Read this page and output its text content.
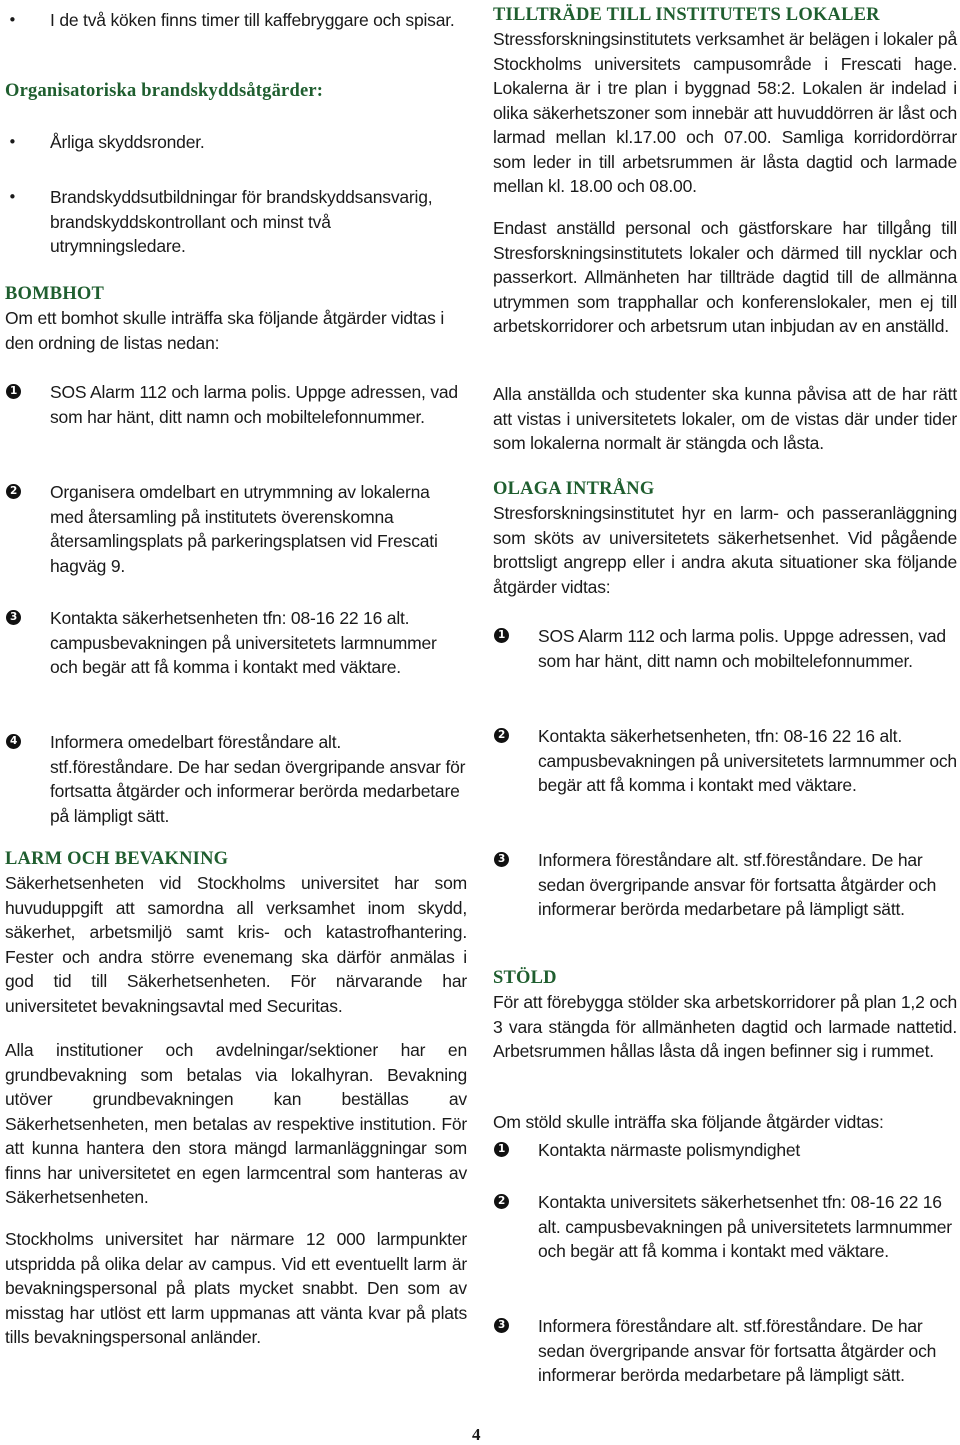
• I de två köken finns timer till kaffebryggare och spisar.

Organisatoriska brandskyddsåtgärder:

• Årliga skyddsronder.
• Brandskyddsutbildningar för brandskyddsansvarig, brandskyddskontrollant och minst två utrymningsledare.

BOMBHOT

Om ett bomhot skulle inträffa ska följande åtgärder vidtas i den ordning de listas nedan:

1 SOS Alarm 112 och larma polis. Uppge adressen, vad som har hänt, ditt namn och mobiltelefonnummer.
2 Organisera omdelbart en utrymmning av lokalerna med återsamling på institutets överenskomna återsamlingsplats på parkeringsplatsen vid Frescati hagväg 9.
3 Kontakta säkerhetsenheten tfn: 08-16 22 16 alt. campusbevakningen på universitetets larmnummer och begär att få komma i kontakt med väktare.
4 Informera omedelbart föreståndare alt. stf.föreståndare. De har sedan övergripande ansvar för fortsatta åtgärder och informerar berörda medarbetare på lämpligt sätt.

LARM OCH BEVAKNING

Säkerhetsenheten vid Stockholms universitet har som huvuduppgift att samordna all verksamhet inom skydd, säkerhet, arbetsmiljö samt kris- och katastrofhantering. Fester och andra större evenemang ska därför anmälas i god tid till Säkerhetsenheten. För närvarande har universitetet bevakningsavtal med Securitas.

Alla institutioner och avdelningar/sektioner har en grundbevakning som betalas via lokalhyran. Bevakning utöver grundbevakningen kan beställas av Säkerhetsenheten, men betalas av respektive institution. För att kunna hantera den stora mängd larmanläggningar som finns har universitetet en egen larmcentral som hanteras av Säkerhetsenheten.

Stockholms universitet har närmare 12 000 larmpunkter utspridda på olika delar av campus. Vid ett eventuellt larm är bevakningspersonal på plats mycket snabbt. Den som av misstag har utlöst ett larm uppmanas att vänta kvar på plats tills bevakningspersonal anländer.

TILLTRÄDE TILL INSTITUTETS LOKALER

Stressforskningsinstitutets verksamhet är belägen i lokaler på Stockholms universitets campusområde i Frescati hage. Lokalerna är i tre plan i byggnad 58:2. Lokalen är indelad i olika säkerhetszoner som innebär att huvuddörren är låst och larmad mellan kl.17.00 och 07.00. Samliga korridordörrar som leder in till arbetsrummen är låsta dagtid och larmade mellan kl. 18.00 och 08.00.

Endast anställd personal och gästforskare har tillgång till Stresforskningsinstitutets lokaler och därmed till nycklar och passerkort. Allmänheten har tillträde dagtid till de allmänna utrymmen som trapphallar och konferenslokaler, men ej till arbetskorridorer och arbetsrum utan inbjudan av en anställd.

Alla anställda och studenter ska kunna påvisa att de har rätt att vistas i universitetets lokaler, om de vistas där under tider som lokalerna normalt är stängda och låsta.

OLAGA INTRÅNG

Stresforskningsinstitutet hyr en larm- och passeranläggning som sköts av universitetets säkerhetsenhet. Vid pågående brottsligt angrepp eller i andra akuta situationer ska följande åtgärder vidtas:

1 SOS Alarm 112 och larma polis. Uppge adressen, vad som har hänt, ditt namn och mobiltelefonnummer.
2 Kontakta säkerhetsenheten, tfn: 08-16 22 16 alt. campusbevakningen på universitetets larmnummer och begär att få komma i kontakt med väktare.
3 Informera föreståndare alt. stf.föreståndare. De har sedan övergripande ansvar för fortsatta åtgärder och informerar berörda medarbetare på lämpligt sätt.

STÖLD

För att förebygga stölder ska arbetskorridorer på plan 1,2 och 3 vara stängda för allmänheten dagtid och larmade nattetid. Arbetsrummen hållas låsta då ingen befinner sig i rummet.

Om stöld skulle inträffa ska följande åtgärder vidtas:

1 Kontakta närmaste polismyndighet
2 Kontakta universitets säkerhetsenhet tfn: 08-16 22 16 alt. campusbevakningen på universitetets larmnummer och begär att få komma i kontakt med väktare.
3 Informera föreståndare alt. stf.föreståndare. De har sedan övergripande ansvar för fortsatta åtgärder och informerar berörda medarbetare på lämpligt sätt.
4
